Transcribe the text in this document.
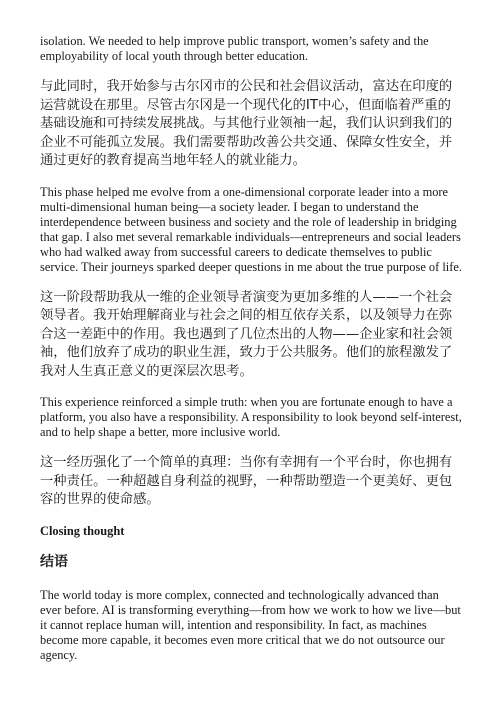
isolation. We needed to help improve public transport, women’s safety and the employability of local youth through better education.

与此同时，我开始参与古尔冈市的公民和社会倡议活动，富达在印度的运营就设在那里。尽管古尔冈是一个现代化的IT中心，但面临着严重的基础设施和可持续发展挑战。与其他行业领袖一起，我们认识到我们的企业不可能孤立发展。我们需要帮助改善公共交通、保障女性安全，并通过更好的教育提高当地年轻人的就业能力。

This phase helped me evolve from a one-dimensional corporate leader into a more multi-dimensional human being—a society leader. I began to understand the interdependence between business and society and the role of leadership in bridging that gap. I also met several remarkable individuals—entrepreneurs and social leaders who had walked away from successful careers to dedicate themselves to public service. Their journeys sparked deeper questions in me about the true purpose of life.

这一阶段帮助我从一维的企业领导者演变为更加多维的人——一个社会领导者。我开始理解商业与社会之间的相互依存关系，以及领导力在弥合这一差距中的作用。我也遇到了几位杰出的人物——企业家和社会领袖，他们放弃了成功的职业生涯，致力于公共服务。他们的旅程激发了我对人生真正意义的更深层次思考。

This experience reinforced a simple truth: when you are fortunate enough to have a platform, you also have a responsibility. A responsibility to look beyond self-interest, and to help shape a better, more inclusive world.

这一经历强化了一个简单的真理：当你有幸拥有一个平台时，你也拥有一种责任。一种超越自身利益的视野，一种帮助塑造一个更美好、更包容的世界的使命感。

Closing thought

结语

The world today is more complex, connected and technologically advanced than ever before. AI is transforming everything—from how we work to how we live—but it cannot replace human will, intention and responsibility. In fact, as machines become more capable, it becomes even more critical that we do not outsource our agency.
